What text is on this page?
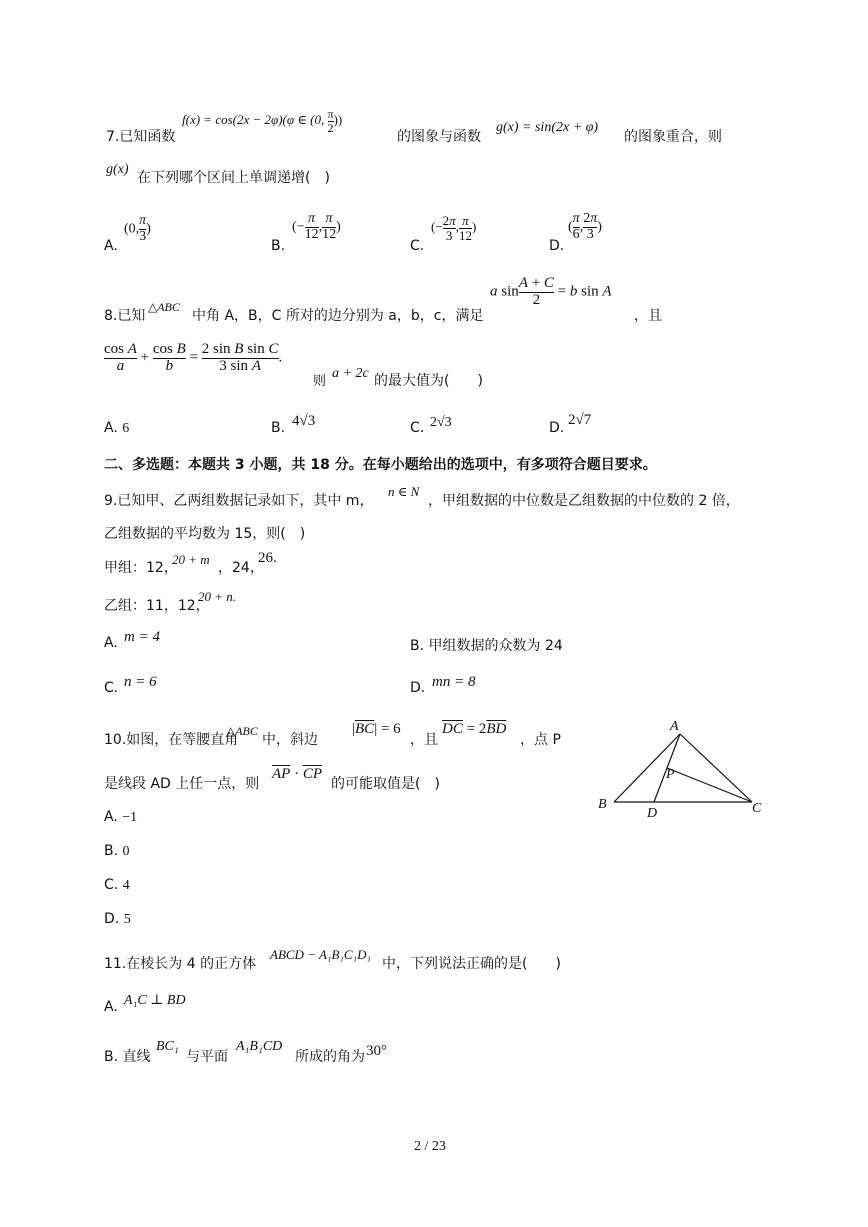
7.已知函数
f(x) = cos(2x − 2φ)(φ ∈ (0, $\frac{\pi}{2}$ ))
的图象与函数
g(x) = sin(2x + φ)
的图象重合，则
g(x)
在下列哪个区间上单调递增(　)
A.
(0, $\frac{\pi}{3}$ )
B.
(− $\frac{\pi}{12}$ , $\frac{\pi}{12}$ )
C.
(− $\frac{2\pi}{3}$ , $\frac{\pi}{12}$ )
D.
( $\frac{\pi}{6}$ , $\frac{2\pi}{3}$ )
8.已知
△ABC
中角 A，B，C 所对的边分别为 a，b，c，满足
a $\sin \frac{A + C}{2} = b$ sin A
，且
$\frac{\text{cos A}}{a} + \frac{\text{cos B}}{b} = \frac{\text{2 sin B sin C}}{\text{3 sin A}}$ .
则
a + 2c 的最大值为(　　)
A. 6	B. 4√3	C. 2√3	D. 2√7
二、多选题：本题共 3 小题，共 18 分。在每小题给出的选项中，有多项符合题目要求。
9.已知甲、乙两组数据记录如下，其中 m，
n ∈ N
，甲组数据的中位数是乙组数据的中位数的 2 倍，
乙组数据的平均数为 15，则(　)
甲组：12，
20 + m
，24，
26.
乙组：11，12，
20 + n.
A. m = 4
B. 甲组数据的众数为 24
C. n = 6	D. mn = 8
10.如图，在等腰直角
△ABC
中，斜边
$|\overline{BC}| = 6$
，且
$\overline{DC} = 2\overline{BD}$
，点 P
是线段 AD 上任一点，则
$\overline{AP} \cdot \overline{CP}$
的可能取值是(　)
A. −1
B. 0
C. 4
D. 5
A
B	C
D
P
11.在棱长为 4 的正方体
ABCD − A₁B₁C₁D₁
中，下列说法正确的是(　　)
A. A₁C ⊥ BD
B. 直线
BC₁
与平面
A₁B₁CD
所成的角为 30°
2 / 23
